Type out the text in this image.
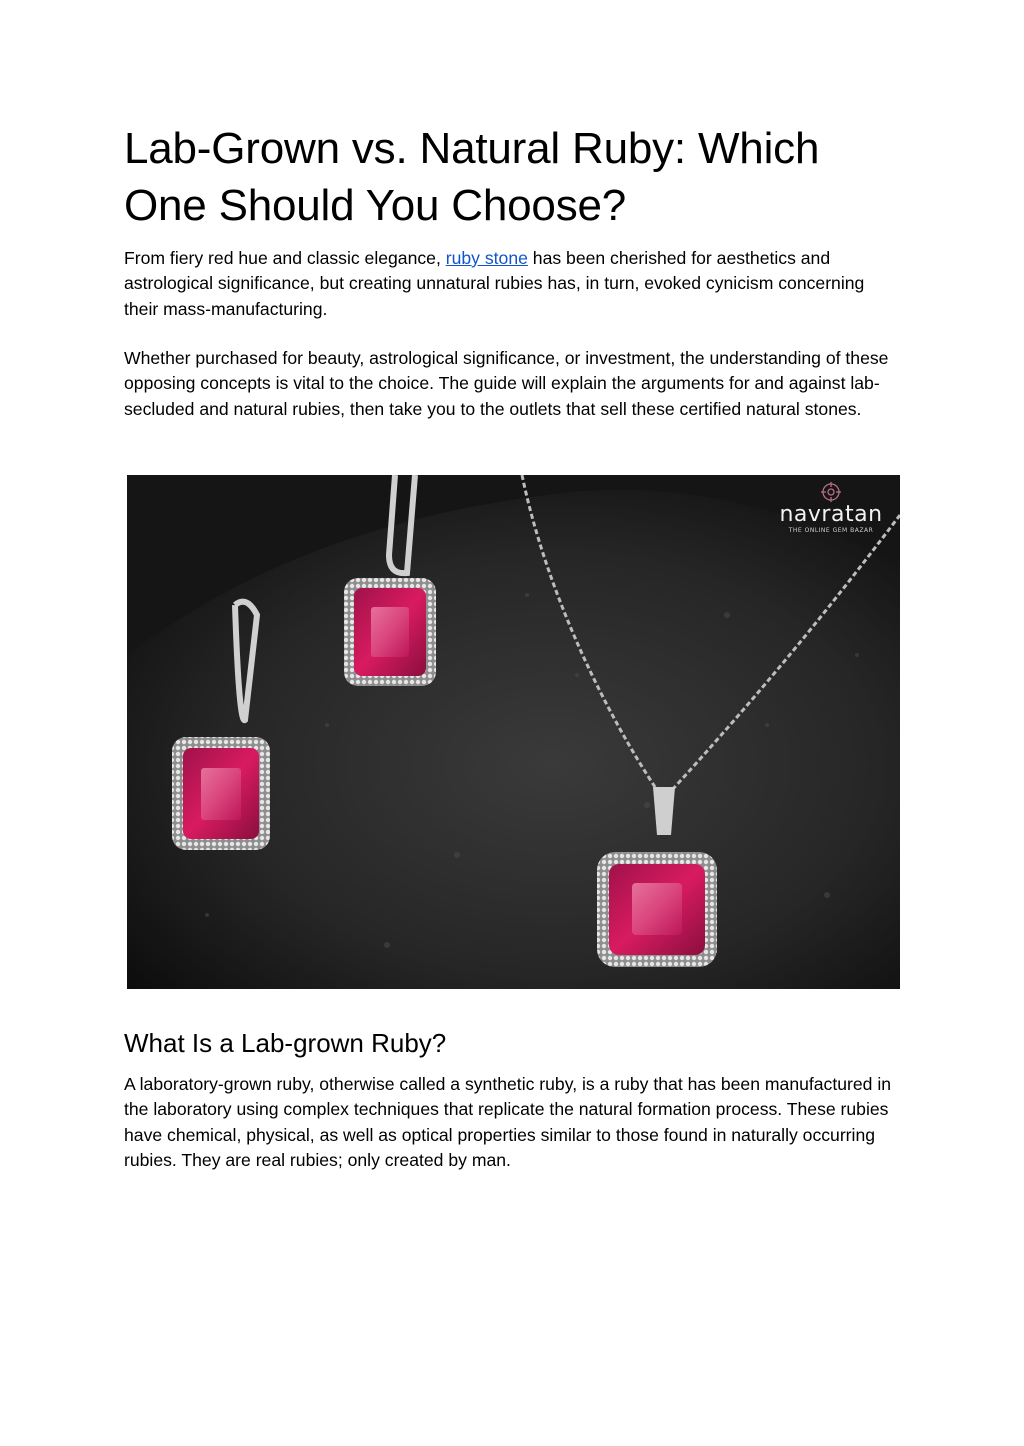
Lab-Grown vs. Natural Ruby: Which One Should You Choose?

From fiery red hue and classic elegance, ruby stone has been cherished for aesthetics and astrological significance, but creating unnatural rubies has, in turn, evoked cynicism concerning their mass-manufacturing.

Whether purchased for beauty, astrological significance, or investment, the understanding of these opposing concepts is vital to the choice. The guide will explain the arguments for and against lab-secluded and natural rubies, then take you to the outlets that sell these certified natural stones.

What Is a Lab-grown Ruby?

A laboratory-grown ruby, otherwise called a synthetic ruby, is a ruby that has been manufactured in the laboratory using complex techniques that replicate the natural formation process. These rubies have chemical, physical, as well as optical properties similar to those found in naturally occurring rubies. They are real rubies; only created by man.

navratan
THE ONLINE GEM BAZAR
